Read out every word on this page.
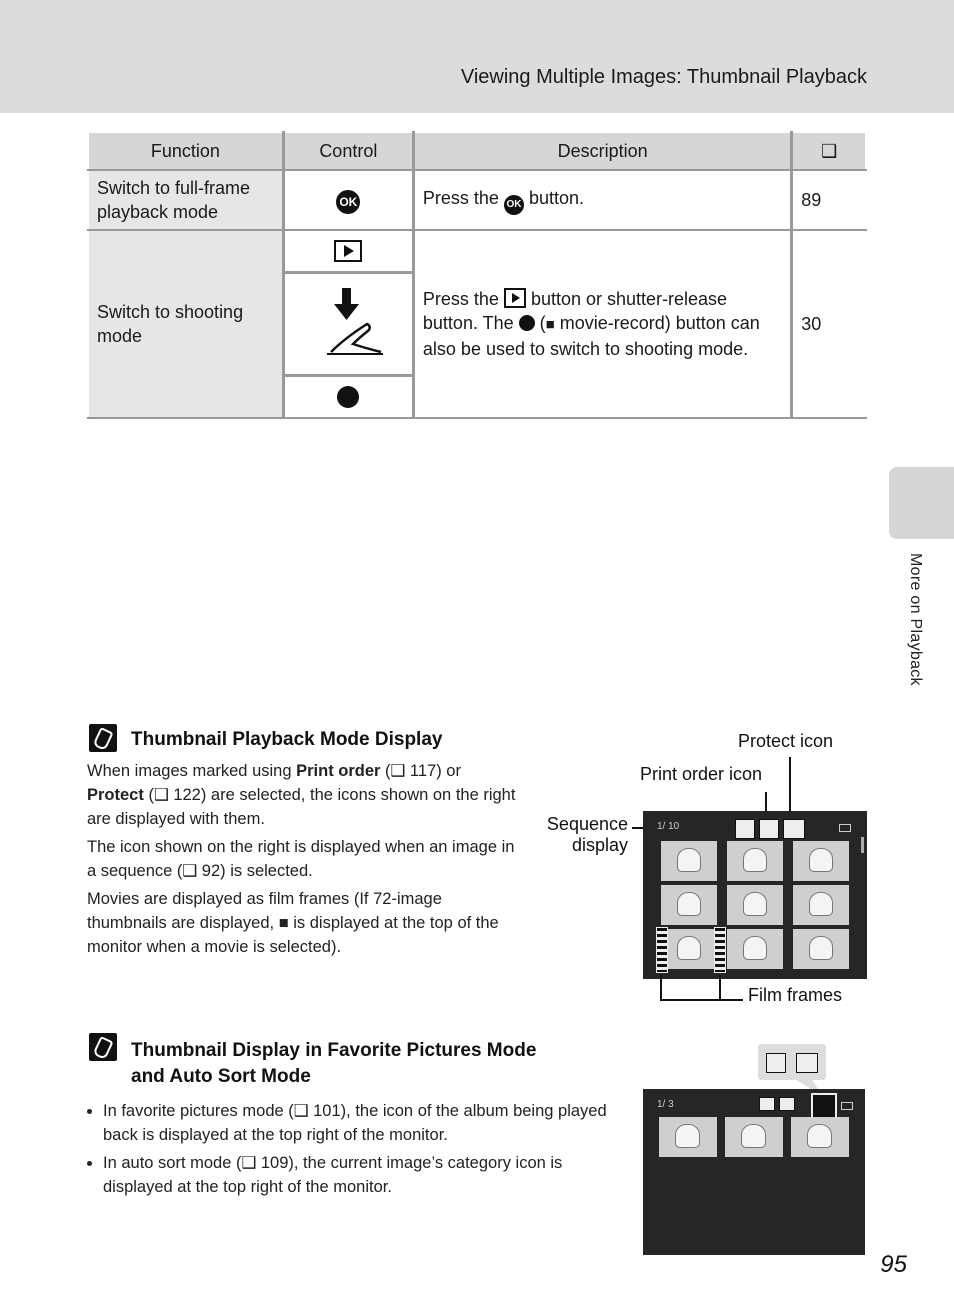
Viewing Multiple Images: Thumbnail Playback
More on Playback
Function	Control	Description	❑
Switch to full-frame playback mode	OK	Press the OK button.	89
Switch to shooting mode		Press the  button or shutter-release button. The  (■ movie-record) button can also be used to switch to shooting mode.	30
Thumbnail Playback Mode Display

When images marked using Print order (❑ 117) or Protect (❑ 122) are selected, the icons shown on the right are displayed with them.

The icon shown on the right is displayed when an image in a sequence (❑ 92) is selected.

Movies are displayed as film frames (If 72-image thumbnails are displayed, ■ is displayed at the top of the monitor when a movie is selected).

Protect icon
Print order icon
Sequence
display
1/ 10
Film frames
Thumbnail Display in Favorite Pictures Mode
and Auto Sort Mode
• In favorite pictures mode (❑ 101), the icon of the album being played back is displayed at the top right of the monitor.
• In auto sort mode (❑ 109), the current image’s category icon is displayed at the top right of the monitor.
1/ 3
95
